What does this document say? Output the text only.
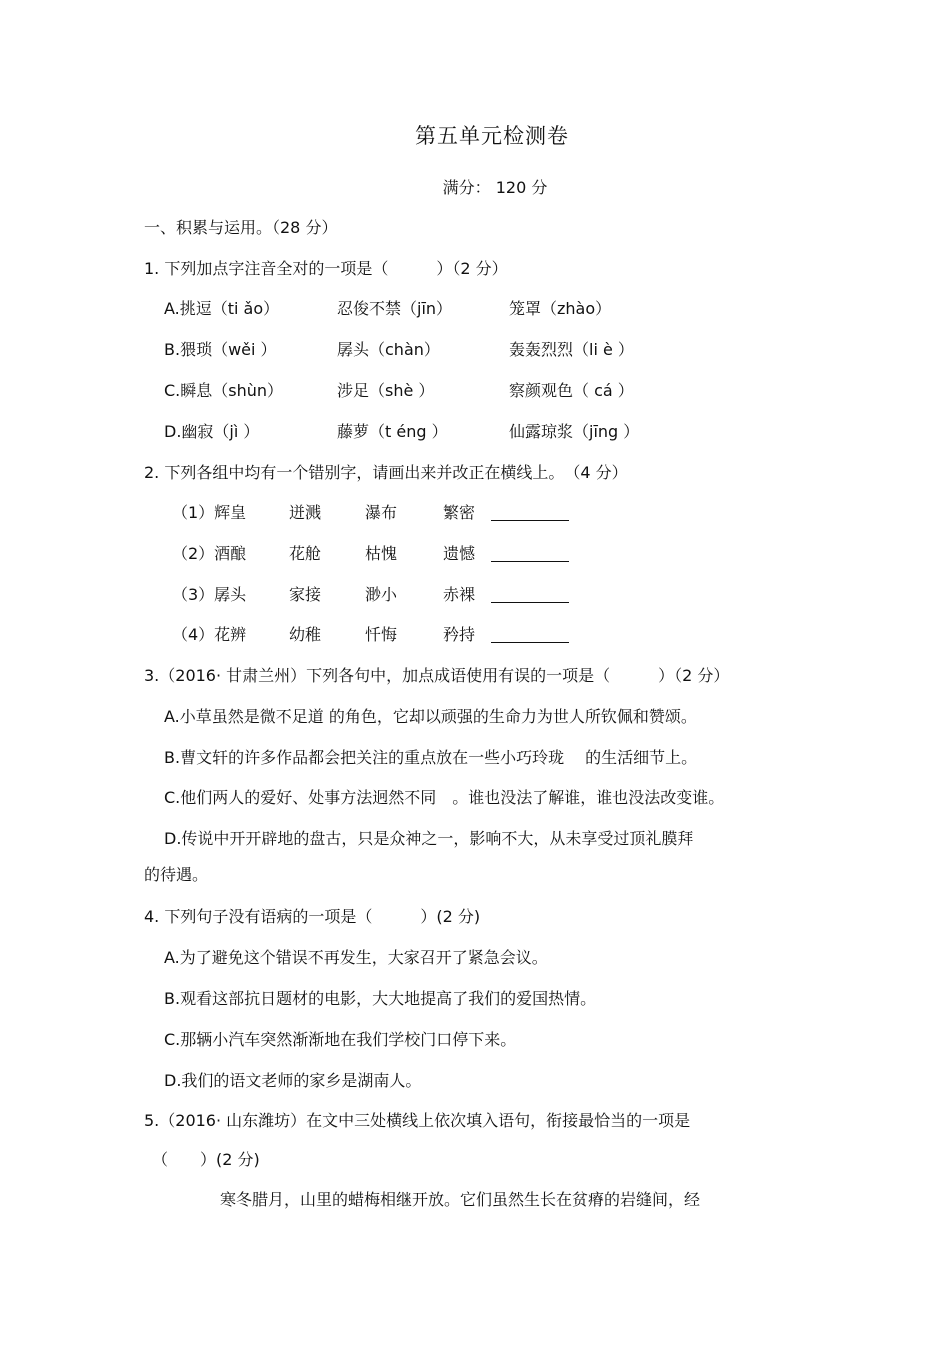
第五单元检测卷
满分： 120 分
一、积累与运用。（28 分）
1. 下列加点字注音全对的一项是（　　　）（2 分）
A.挑逗（ti ǎo）	忍俊不禁（jīn）	笼罩（zhào）
B.猥琐（wěi ）	孱头（chàn）	轰轰烈烈（li è ）
C.瞬息（shùn）	涉足（shè ）	察颜观色（ cá ）
D.幽寂（jì ）	藤萝（t éng ）	仙露琼浆（jīng ）
2. 下列各组中均有一个错别字，请画出来并改正在横线上。　（4 分）
（1）辉皇	迸溅	瀑布	繁密
（2）酒酿	花舱	枯愧	遗憾
（3）孱头	家接	渺小	赤裸
（4）花辨	幼稚	忏悔	矜持
3.（2016· 甘肃兰州）下列各句中，加点成语使用有误的一项是（　　　）（2 分）
A.小草虽然是微不足道 的角色，它却以顽强的生命力为世人所钦佩和赞颂。
B.曹文轩的许多作品都会把关注的重点放在一些小巧玲珑　 的生活细节上。
C.他们两人的爱好、处事方法迥然不同　。谁也没法了解谁，谁也没法改变谁。
D.传说中开开辟地的盘古，只是众神之一，影响不大，从未享受过顶礼膜拜
的待遇。
4. 下列句子没有语病的一项是（　　　）(2 分)
A.为了避免这个错误不再发生，大家召开了紧急会议。
B.观看这部抗日题材的电影，大大地提高了我们的爱国热情。
C.那辆小汽车突然渐渐地在我们学校门口停下来。
D.我们的语文老师的家乡是湖南人。
5.（2016· 山东潍坊）在文中三处横线上依次填入语句，衔接最恰当的一项是
（　　）(2 分)
寒冬腊月，山里的蜡梅相继开放。它们虽然生长在贫瘠的岩缝间，经
